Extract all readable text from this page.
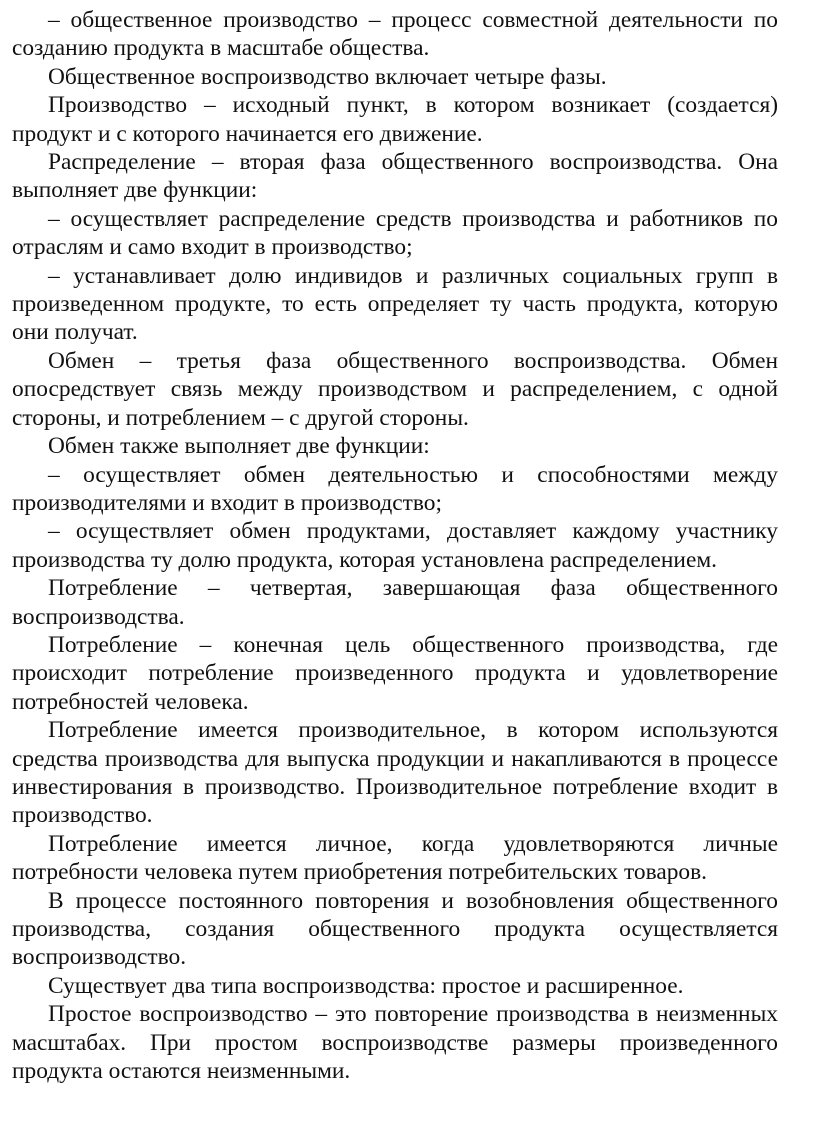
– общественное производство – процесс совместной деятельности по созданию продукта в масштабе общества.

Общественное воспроизводство включает четыре фазы.

Производство – исходный пункт, в котором возникает (создается) продукт и с которого начинается его движение.

Распределение – вторая фаза общественного воспроизводства. Она выполняет две функции:

– осуществляет распределение средств производства и работников по отраслям и само входит в производство;

– устанавливает долю индивидов и различных социальных групп в произведенном продукте, то есть определяет ту часть продукта, которую они получат.

Обмен – третья фаза общественного воспроизводства. Обмен опосредствует связь между производством и распределением, с одной стороны, и потреблением – с другой стороны.

Обмен также выполняет две функции:

– осуществляет обмен деятельностью и способностями между производителями и входит в производство;

– осуществляет обмен продуктами, доставляет каждому участнику производства ту долю продукта, которая установлена распределением.

Потребление – четвертая, завершающая фаза общественного воспроизводства.

Потребление – конечная цель общественного производства, где происходит потребление произведенного продукта и удовлетворение потребностей человека.

Потребление имеется производительное, в котором используются средства производства для выпуска продукции и накапливаются в процессе инвестирования в производство. Производительное потребление входит в производство.

Потребление имеется личное, когда удовлетворяются личные потребности человека путем приобретения потребительских товаров.

В процессе постоянного повторения и возобновления общественного производства, создания общественного продукта осуществляется воспроизводство.

Существует два типа воспроизводства: простое и расширенное.

Простое воспроизводство – это повторение производства в неизменных масштабах. При простом воспроизводстве размеры произведенного продукта остаются неизменными.
